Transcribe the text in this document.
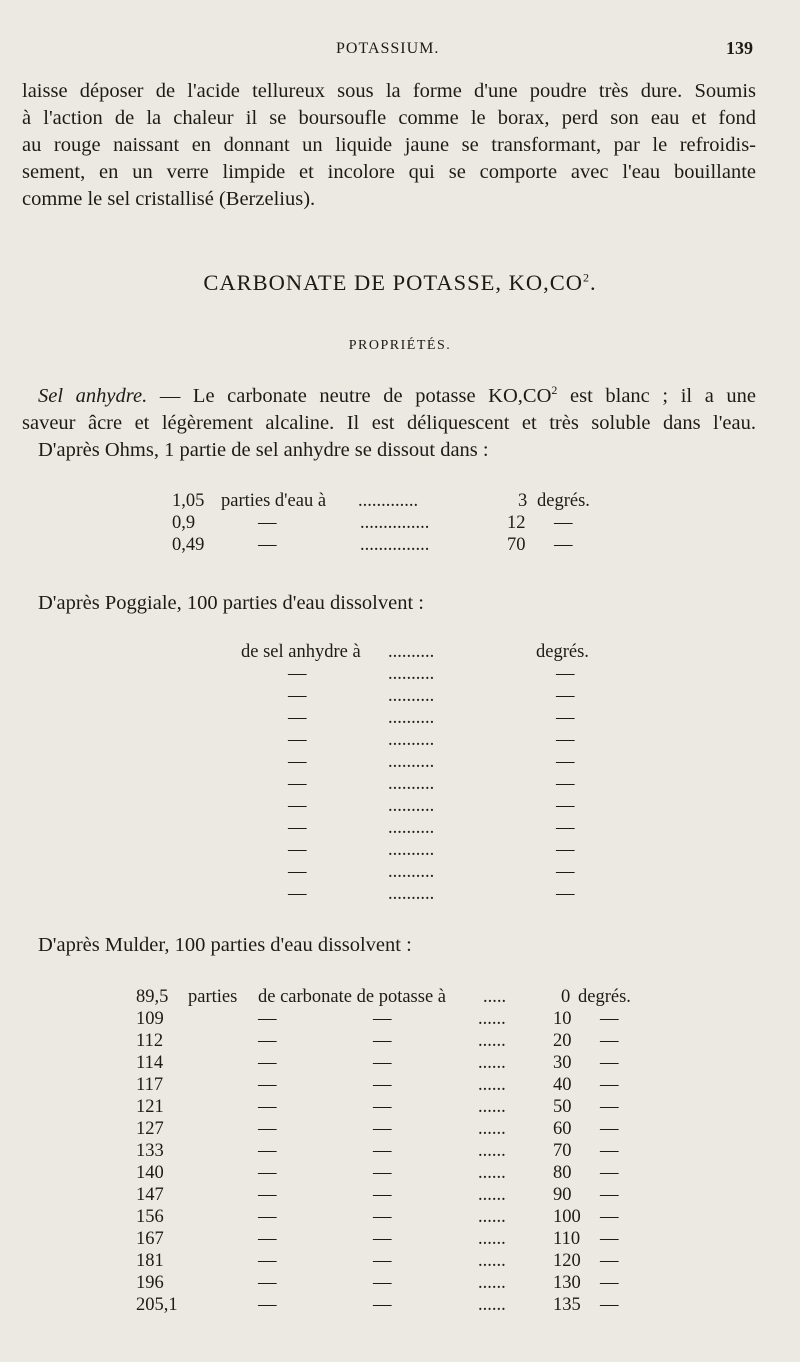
POTASSIUM.	139
laisse déposer de l'acide tellureux sous la forme d'une poudre très dure. Soumis
à l'action de la chaleur il se boursoufle comme le borax, perd son eau et fond
au rouge naissant en donnant un liquide jaune se transformant, par le refroidis-
sement, en un verre limpide et incolore qui se comporte avec l'eau bouillante
comme le sel cristallisé (Berzelius).
CARBONATE DE POTASSE, $KO,CO^2$.
PROPRIÉTÉS.
Sel anhydre. — Le carbonate neutre de potasse $KO,CO^2$ est blanc ; il a une
saveur âcre et légèrement alcaline. Il est déliquescent et très soluble dans l'eau.
D'après Ohms, 1 partie de sel anhydre se dissout dans :
1,05 parties d'eau à .............	3 degrés.
0,9	—	...............	12 —
0,49	—	...............	70 —
D'après Poggiale, 100 parties d'eau dissolvent :
de sel anhydre à ..........	degrés.
—	..........	—
—	..........	—
—	..........	—
—	..........	—
—	..........	—
—	..........	—
—	..........	—
—	..........	—
—	..........	—
—	..........	—
—	..........	—
D'après Mulder, 100 parties d'eau dissolvent :
89,5 parties de carbonate de potasse à .....	0 degrés.
109	—	—	......	10 —
112	—	—	......	20 —
114	—	—	......	30 —
117	—	—	......	40 —
121	—	—	......	50 —
127	—	—	......	60 —
133	—	—	......	70 —
140	—	—	......	80 —
147	—	—	......	90 —
156	—	—	......	100 —
167	—	—	......	110 —
181	—	—	......	120 —
196	—	—	......	130 —
205,1	—	—	......	135 —
